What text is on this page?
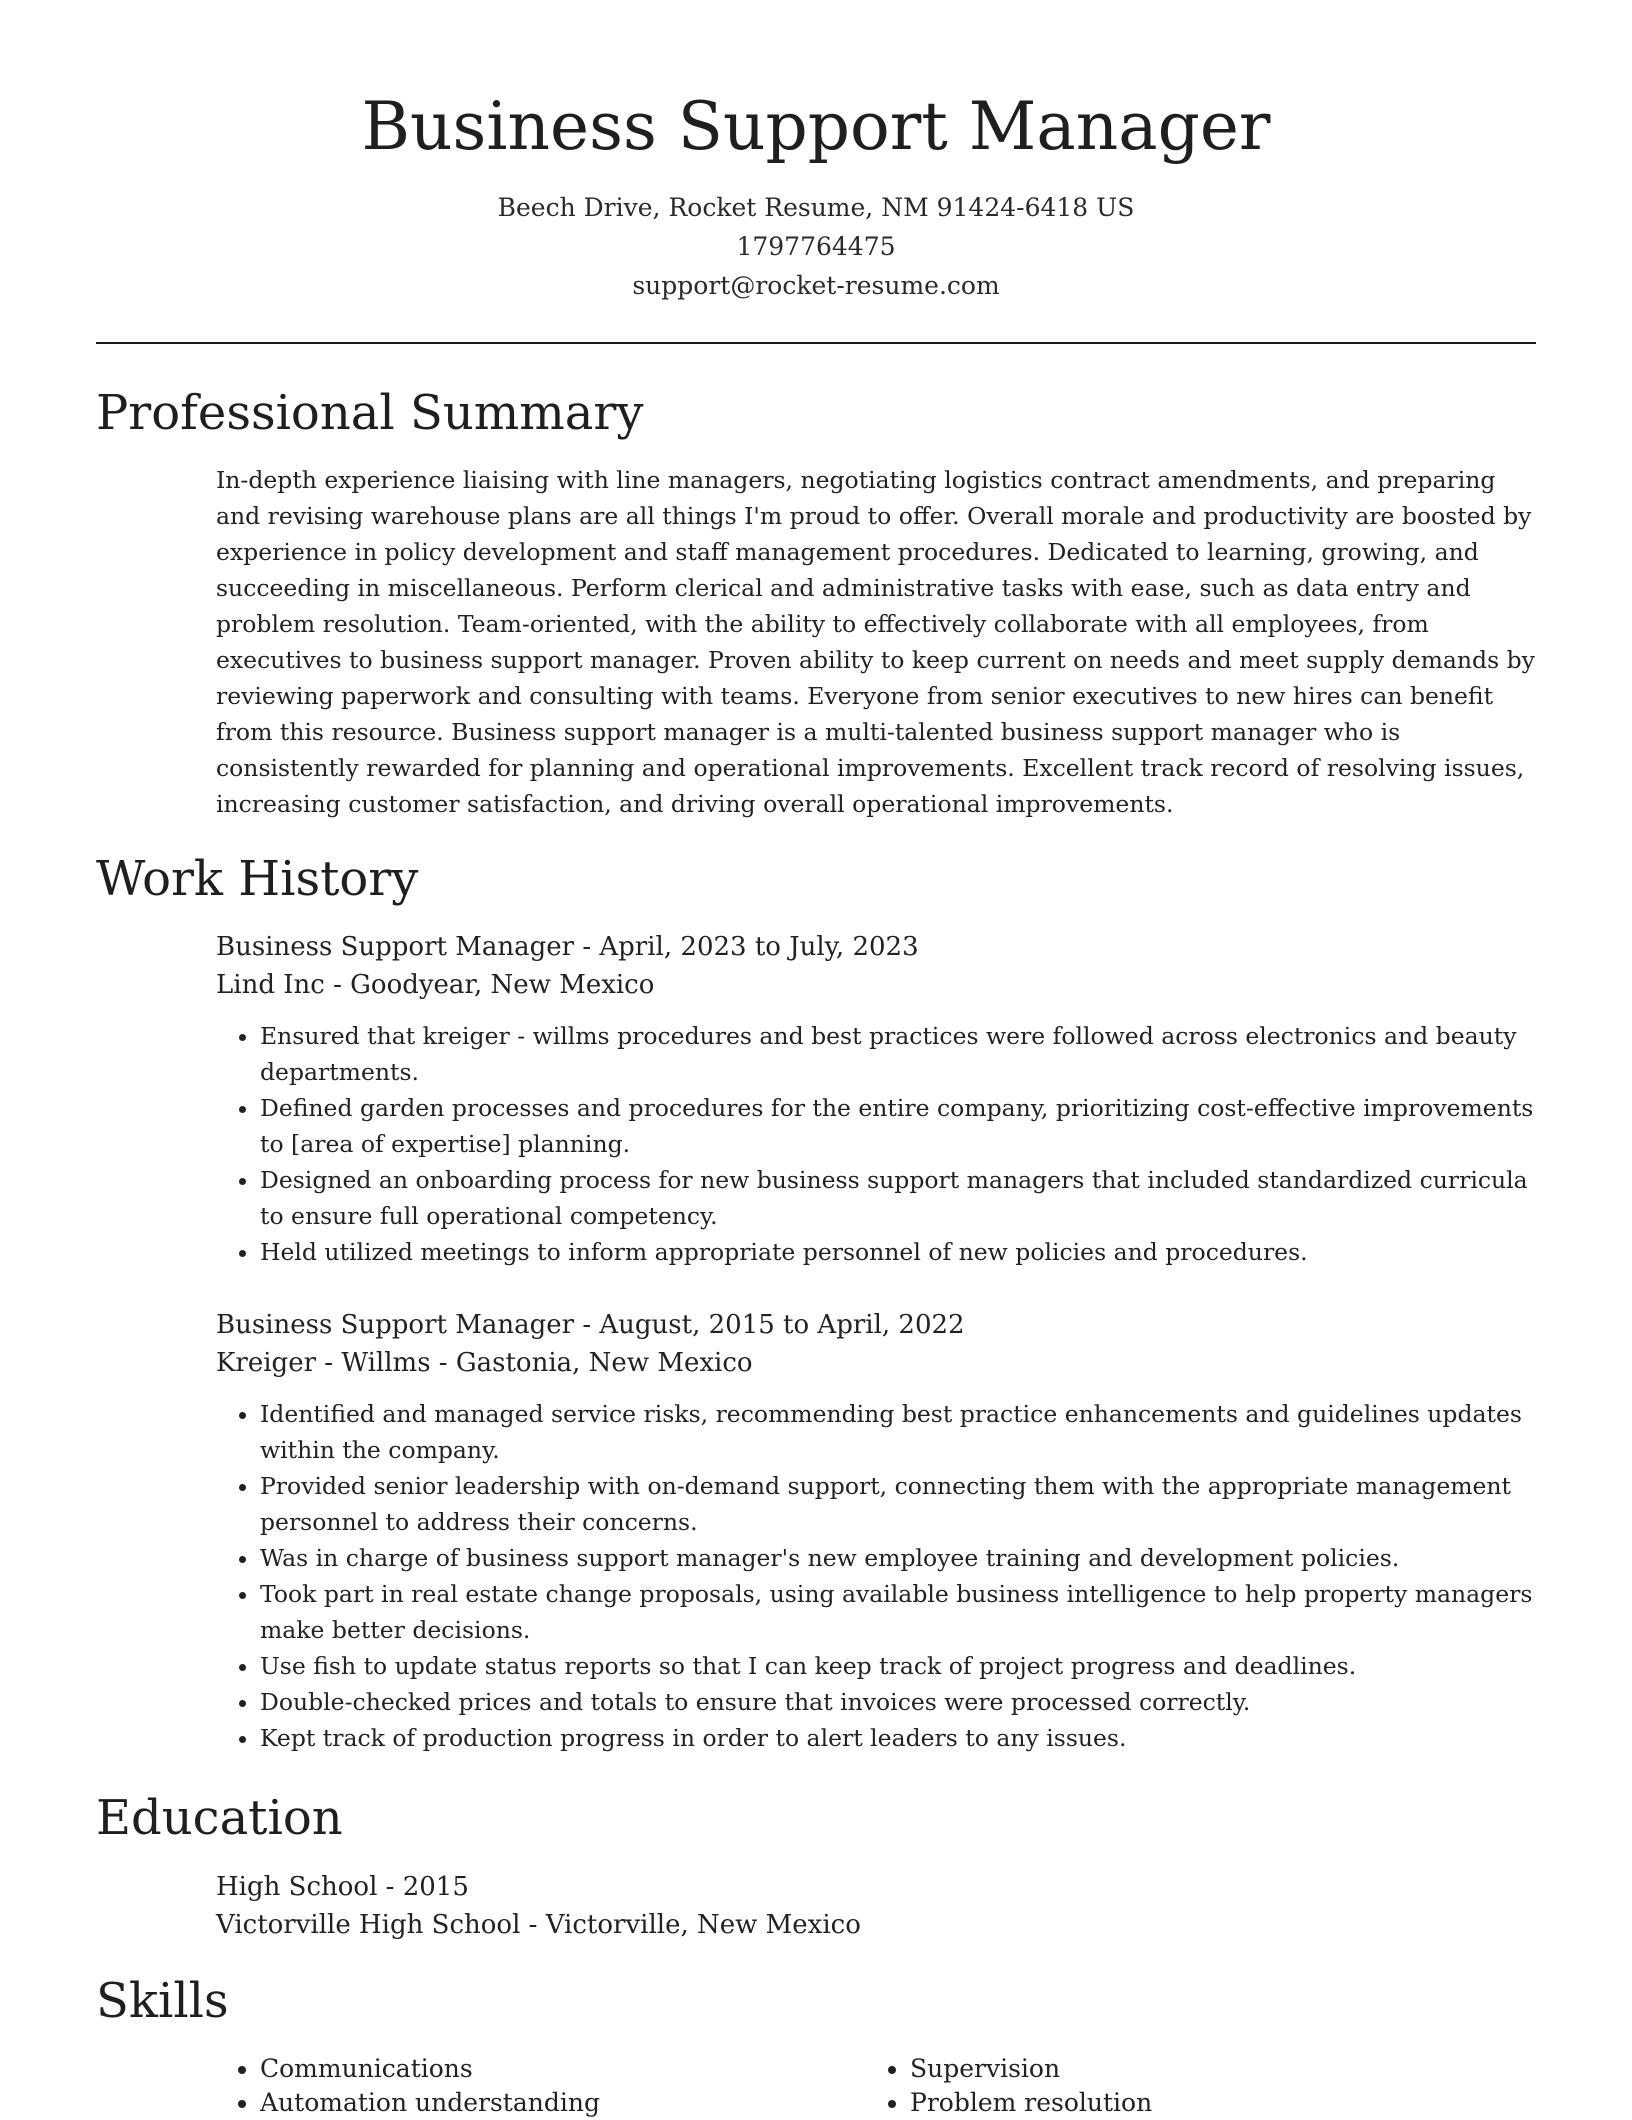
Business Support Manager
Beech Drive, Rocket Resume, NM 91424-6418 US
1797764475
support@rocket-resume.com
Professional Summary

In-depth experience liaising with line managers, negotiating logistics contract amendments, and preparing and revising warehouse plans are all things I'm proud to offer. Overall morale and productivity are boosted by experience in policy development and staff management procedures. Dedicated to learning, growing, and succeeding in miscellaneous. Perform clerical and administrative tasks with ease, such as data entry and problem resolution. Team-oriented, with the ability to effectively collaborate with all employees, from executives to business support manager. Proven ability to keep current on needs and meet supply demands by reviewing paperwork and consulting with teams. Everyone from senior executives to new hires can benefit from this resource. Business support manager is a multi-talented business support manager who is consistently rewarded for planning and operational improvements. Excellent track record of resolving issues, increasing customer satisfaction, and driving overall operational improvements.

Work History

Business Support Manager - April, 2023 to July, 2023

Lind Inc - Goodyear, New Mexico

• Ensured that kreiger - willms procedures and best practices were followed across electronics and beauty departments.
• Defined garden processes and procedures for the entire company, prioritizing cost-effective improvements to [area of expertise] planning.
• Designed an onboarding process for new business support managers that included standardized curricula to ensure full operational competency.
• Held utilized meetings to inform appropriate personnel of new policies and procedures.

Business Support Manager - August, 2015 to April, 2022

Kreiger - Willms - Gastonia, New Mexico

• Identified and managed service risks, recommending best practice enhancements and guidelines updates within the company.
• Provided senior leadership with on-demand support, connecting them with the appropriate management personnel to address their concerns.
• Was in charge of business support manager's new employee training and development policies.
• Took part in real estate change proposals, using available business intelligence to help property managers make better decisions.
• Use fish to update status reports so that I can keep track of project progress and deadlines.
• Double-checked prices and totals to ensure that invoices were processed correctly.
• Kept track of production progress in order to alert leaders to any issues.
Education

High School - 2015

Victorville High School - Victorville, New Mexico

Skills
• Communications
• Automation understanding
• Supervision
• Problem resolution
